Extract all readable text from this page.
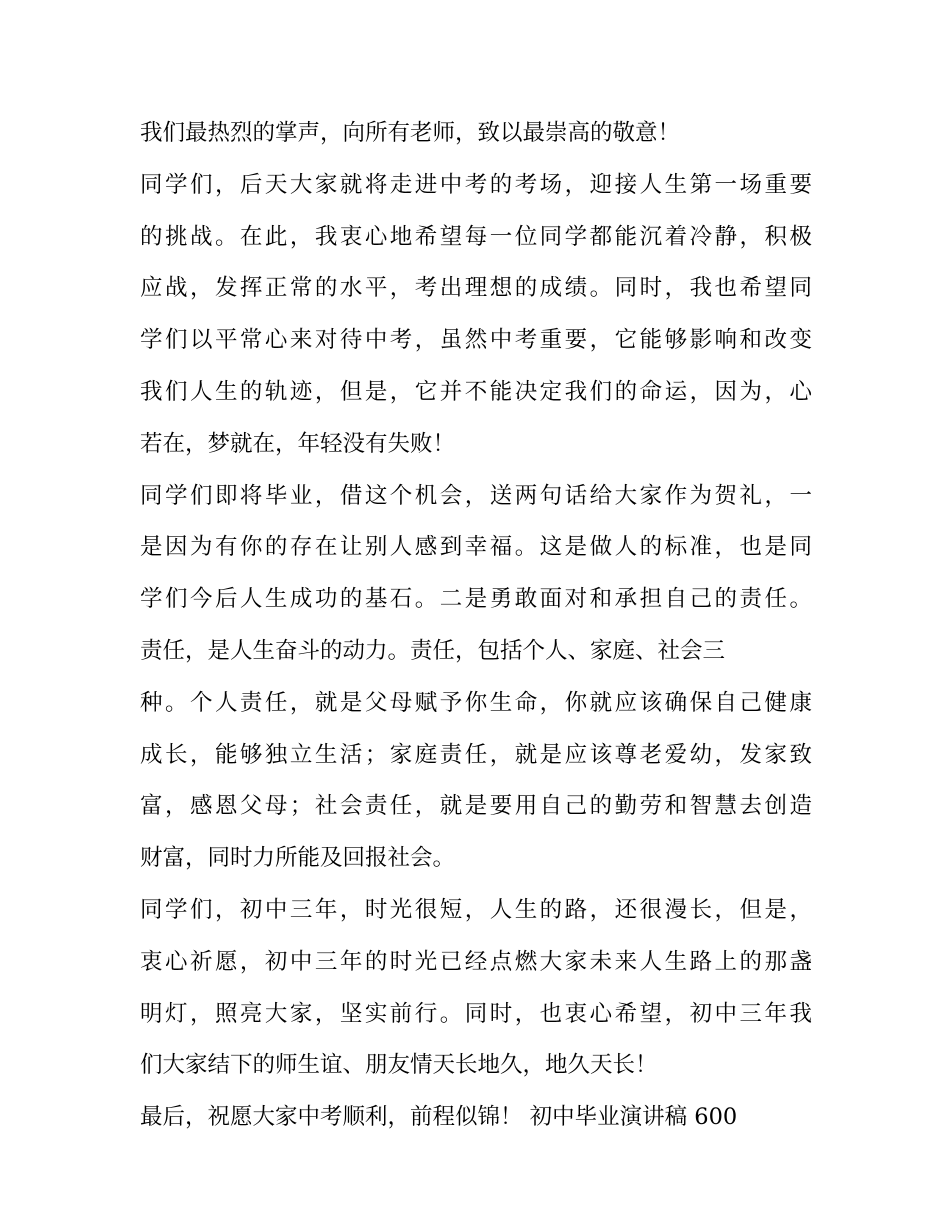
我们最热烈的掌声，向所有老师，致以最崇高的敬意！
同学们，后天大家就将走进中考的考场，迎接人生第一场重要
的挑战。在此，我衷心地希望每一位同学都能沉着冷静，积极
应战，发挥正常的水平，考出理想的成绩。同时，我也希望同
学们以平常心来对待中考，虽然中考重要，它能够影响和改变
我们人生的轨迹，但是，它并不能决定我们的命运，因为，心
若在，梦就在，年轻没有失败！
同学们即将毕业，借这个机会，送两句话给大家作为贺礼，一
是因为有你的存在让别人感到幸福。这是做人的标准，也是同
学们今后人生成功的基石。二是勇敢面对和承担自己的责任。
责任，是人生奋斗的动力。责任，包括个人、家庭、社会三
种。个人责任，就是父母赋予你生命，你就应该确保自己健康
成长，能够独立生活；家庭责任，就是应该尊老爱幼，发家致
富，感恩父母；社会责任，就是要用自己的勤劳和智慧去创造
财富，同时力所能及回报社会。
同学们，初中三年，时光很短，人生的路，还很漫长，但是，
衷心祈愿，初中三年的时光已经点燃大家未来人生路上的那盏
明灯，照亮大家，坚实前行。同时，也衷心希望，初中三年我
们大家结下的师生谊、朋友情天长地久，地久天长！
最后，祝愿大家中考顺利，前程似锦！ 初中毕业演讲稿 600
